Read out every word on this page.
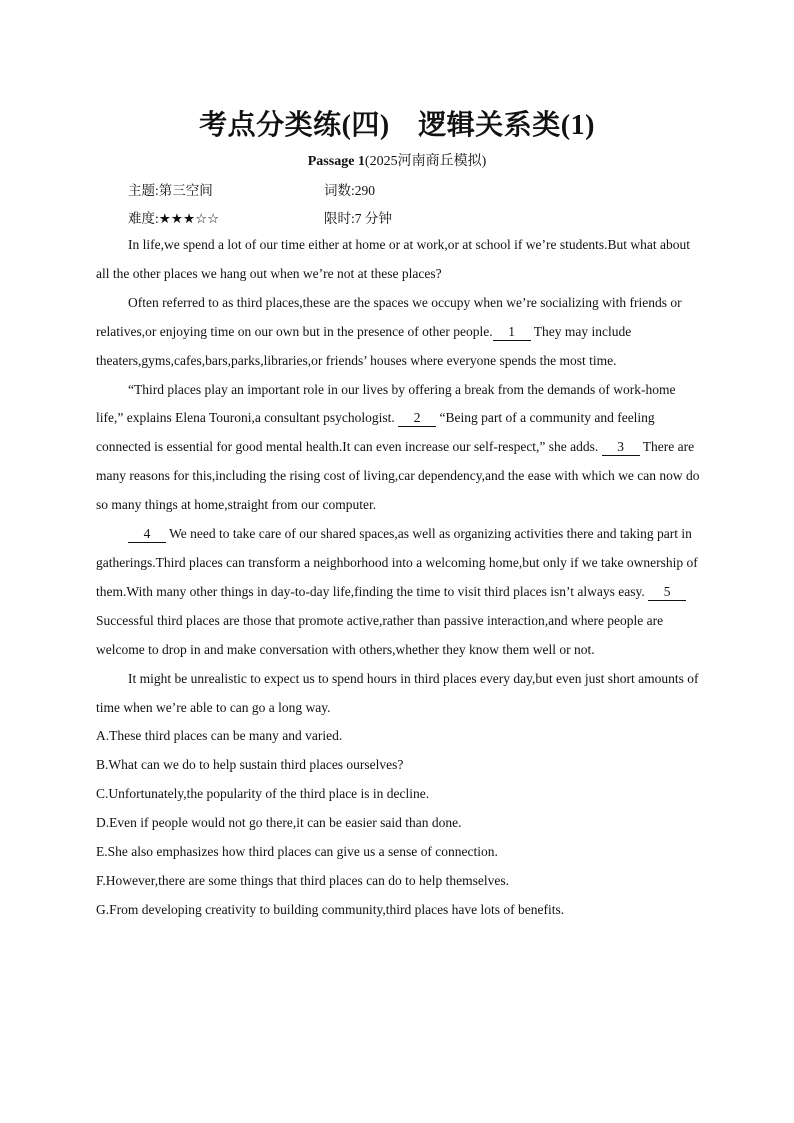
考点分类练(四)　逻辑关系类(1)
Passage 1(2025河南商丘模拟)
主题:第三空间	词数:290
难度:★★★☆☆	限时:7 分钟

In life,we spend a lot of our time either at home or at work,or at school if we’re students.But what about all the other places we hang out when we’re not at these places?

Often referred to as third places,these are the spaces we occupy when we’re socializing with friends or relatives,or enjoying time on our own but in the presence of other people. 1 They may include theaters,gyms,cafes,bars,parks,libraries,or friends’ houses where everyone spends the most time.

“Third places play an important role in our lives by offering a break from the demands of work-home life,” explains Elena Touroni,a consultant psychologist. 2 “Being part of a community and feeling connected is essential for good mental health.It can even increase our self-respect,” she adds. 3 There are many reasons for this,including the rising cost of living,car dependency,and the ease with which we can now do so many things at home,straight from our computer.

4 We need to take care of our shared spaces,as well as organizing activities there and taking part in gatherings.Third places can transform a neighborhood into a welcoming home,but only if we take ownership of them.With many other things in day-to-day life,finding the time to visit third places isn’t always easy. 5 Successful third places are those that promote active,rather than passive interaction,and where people are welcome to drop in and make conversation with others,whether they know them well or not.

It might be unrealistic to expect us to spend hours in third places every day,but even just short amounts of time when we’re able to can go a long way.

A.These third places can be many and varied.

B.What can we do to help sustain third places ourselves?

C.Unfortunately,the popularity of the third place is in decline.

D.Even if people would not go there,it can be easier said than done.

E.She also emphasizes how third places can give us a sense of connection.

F.However,there are some things that third places can do to help themselves.

G.From developing creativity to building community,third places have lots of benefits.
